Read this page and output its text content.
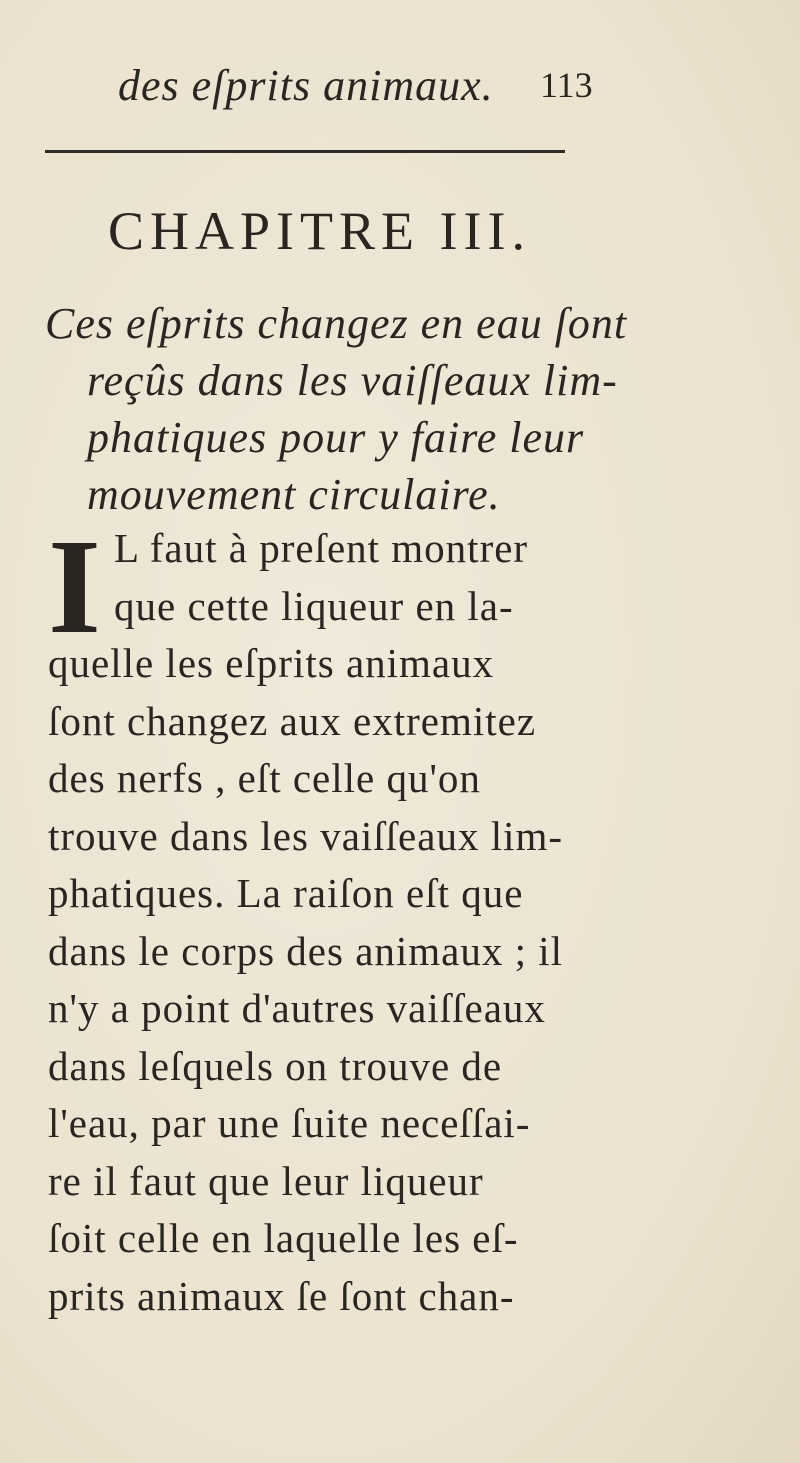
des eſprits animaux. 113
CHAPITRE III.
Ces eſprits changez en eau ſont
reçûs dans les vaiſſeaux lim-
phatiques pour y faire leur
mouvement circulaire.
I L faut à preſent montrer
que cette liqueur en la-
quelle les eſprits animaux
ſont changez aux extremitez
des nerfs , eſt celle qu'on
trouve dans les vaiſſeaux lim-
phatiques. La raiſon eſt que
dans le corps des animaux ; il
n'y a point d'autres vaiſſeaux
dans leſquels on trouve de
l'eau, par une ſuite neceſſai-
re il faut que leur liqueur
ſoit celle en laquelle les eſ-
prits animaux ſe ſont chan-
